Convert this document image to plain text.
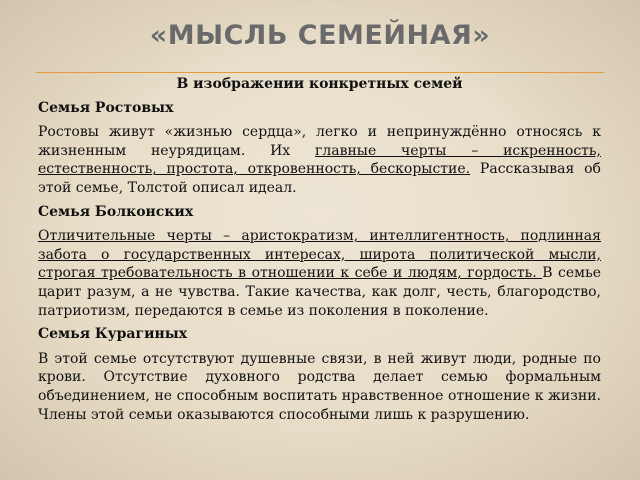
«МЫСЛЬ СЕМЕЙНАЯ»
В изображении конкретных семей
Семья Ростовых
Ростовы живут «жизнью сердца», легко и непринуждённо относясь к жизненным неурядицам. Их главные черты – искренность, естественность, простота, откровенность, бескорыстие. Рассказывая об этой семье, Толстой описал идеал.
Семья Болконских
Отличительные черты – аристократизм, интеллигентность, подлинная забота о государственных интересах, широта политической мысли, строгая требовательность в отношении к себе и людям, гордость. В семье царит разум, а не чувства. Такие качества, как долг, честь, благородство, патриотизм, передаются в семье из поколения в поколение.
Семья Курагиных
В этой семье отсутствуют душевные связи, в ней живут люди, родные по крови. Отсутствие духовного родства делает семью формальным объединением, не способным воспитать нравственное отношение к жизни. Члены этой семьи оказываются способными лишь к разрушению.
